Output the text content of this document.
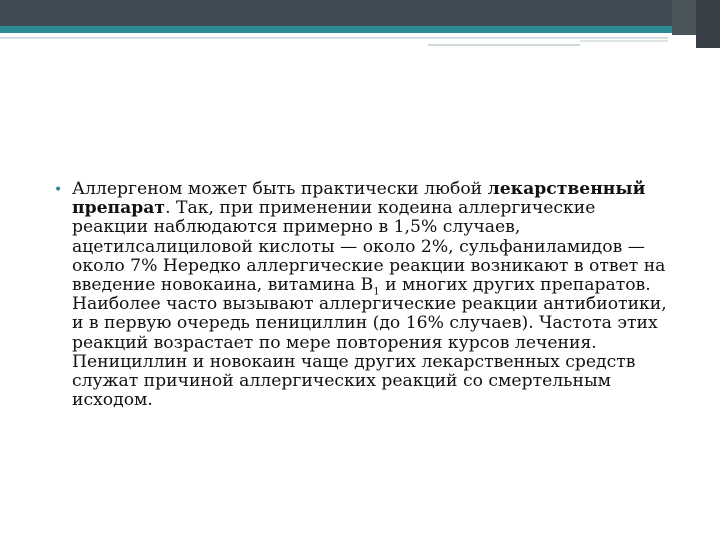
• Аллергеном может быть практически любой лекарственный препарат. Так, при применении кодеина аллергические реакции наблюдаются примерно в 1,5% случаев, ацетилсалициловой кислоты — около 2%, сульфаниламидов — около 7% Нередко аллергические реакции возникают в ответ на введение новокаина, витамина $В_1$ и многих других препаратов. Наиболее часто вызывают аллергические реакции антибиотики, и в первую очередь пенициллин (до 16% случаев). Частота этих реакций возрастает по мере повторения курсов лечения. Пенициллин и новокаин чаще других лекарственных средств служат причиной аллергических реакций со смертельным исходом.
